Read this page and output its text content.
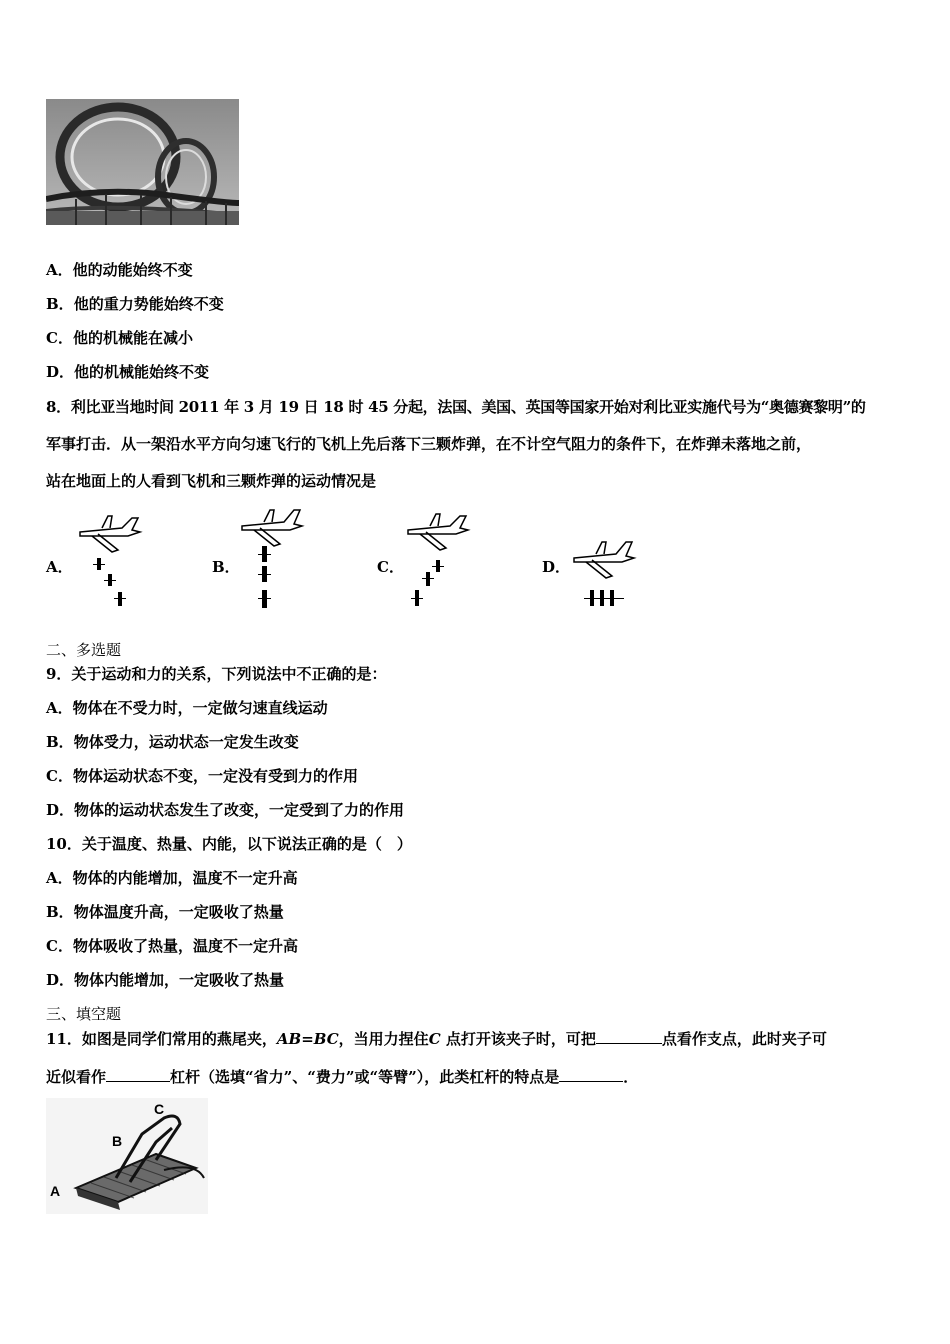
A．他的动能始终不变
B．他的重力势能始终不变
C．他的机械能在减小
D．他的机械能始终不变
8．利比亚当地时间 2011 年 3 月 19 日 18 时 45 分起，法国、美国、英国等国家开始对利比亚实施代号为“奥德赛黎明”的
军事打击．从一架沿水平方向匀速飞行的飞机上先后落下三颗炸弹，在不计空气阻力的条件下，在炸弹未落地之前，
站在地面上的人看到飞机和三颗炸弹的运动情况是
A．	B．	C．	D．
二、多选题
9．关于运动和力的关系，下列说法中不正确的是：
A．物体在不受力时，一定做匀速直线运动
B．物体受力，运动状态一定发生改变
C．物体运动状态不变，一定没有受到力的作用
D．物体的运动状态发生了改变，一定受到了力的作用
10．关于温度、热量、内能，以下说法正确的是（　）
A．物体的内能增加，温度不一定升高
B．物体温度升高，一定吸收了热量
C．物体吸收了热量，温度不一定升高
D．物体内能增加，一定吸收了热量
三、填空题
11．如图是同学们常用的燕尾夹，AB=BC，当用力捏住C 点打开该夹子时，可把	点看作支点，此时夹子可
近似看作	杠杆（选填“省力”、“费力”或“等臂”），此类杠杆的特点是	．
C
B
A
